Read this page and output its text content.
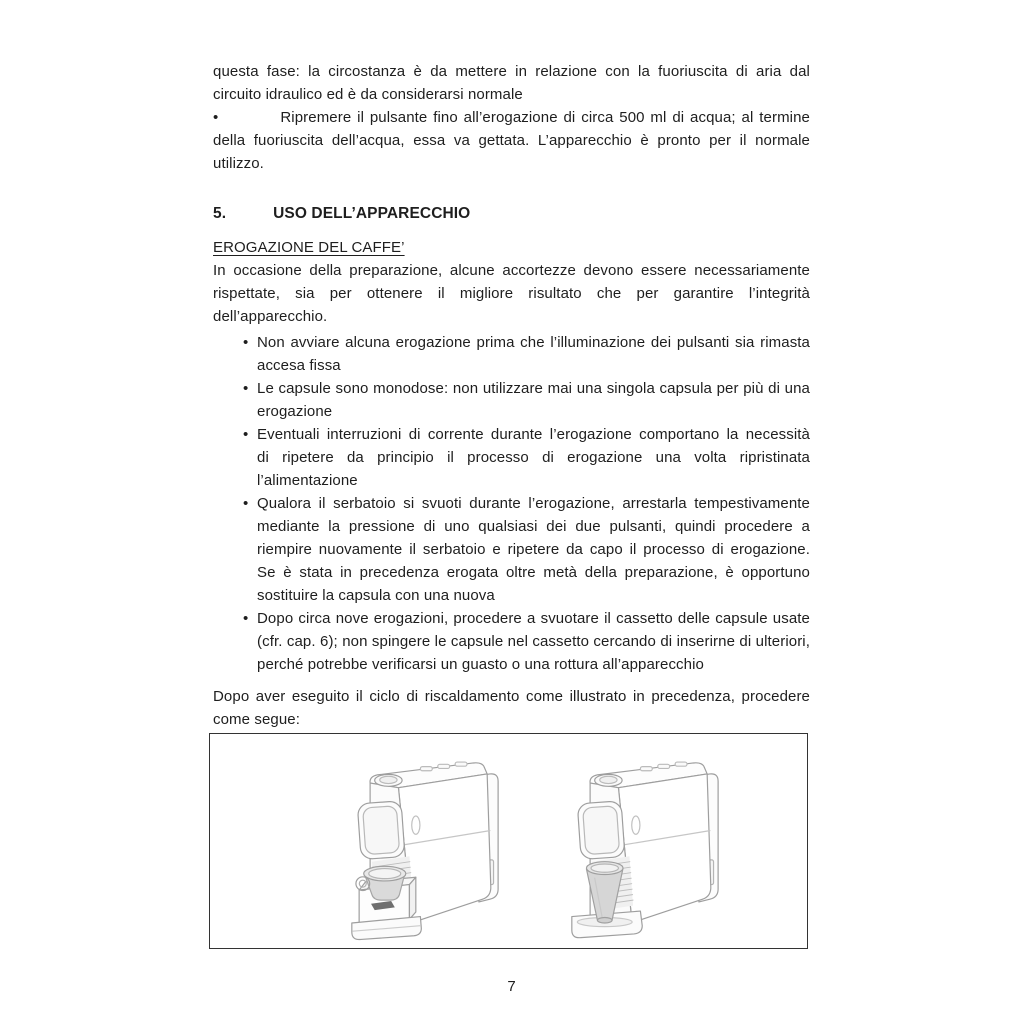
questa fase: la circostanza è da mettere in relazione con la fuoriuscita di aria dal
circuito idraulico ed è da considerarsi normale
•	Ripremere il pulsante fino all’erogazione di circa 500 ml di acqua; al termine
della fuoriuscita dell’acqua, essa va gettata. L’apparecchio è pronto per il normale
utilizzo.
5.	USO DELL’APPARECCHIO
EROGAZIONE DEL CAFFE’
In occasione della preparazione, alcune accortezze devono essere necessariamente
rispettate, sia per ottenere il migliore risultato che per garantire l’integrità
dell’apparecchio.
• Non avviare alcuna erogazione prima che l’illuminazione dei pulsanti sia rimasta
accesa fissa
• Le capsule sono monodose: non utilizzare mai una singola capsula per più di una
erogazione
• Eventuali interruzioni di corrente durante l’erogazione comportano la necessità
di ripetere da principio il processo di erogazione una volta ripristinata
l’alimentazione
• Qualora il serbatoio si svuoti durante l’erogazione, arrestarla tempestivamente
mediante la pressione di uno qualsiasi dei due pulsanti, quindi procedere a
riempire nuovamente il serbatoio e ripetere da capo il processo di erogazione.
Se è stata in precedenza erogata oltre metà della preparazione, è opportuno
sostituire la capsula con una nuova
• Dopo circa nove erogazioni, procedere a svuotare il cassetto delle capsule usate
(cfr. cap. 6); non spingere le capsule nel cassetto cercando di inserirne di ulteriori,
perché potrebbe verificarsi un guasto o una rottura all’apparecchio
Dopo aver eseguito il ciclo di riscaldamento come illustrato in precedenza, procedere
come segue:
7
